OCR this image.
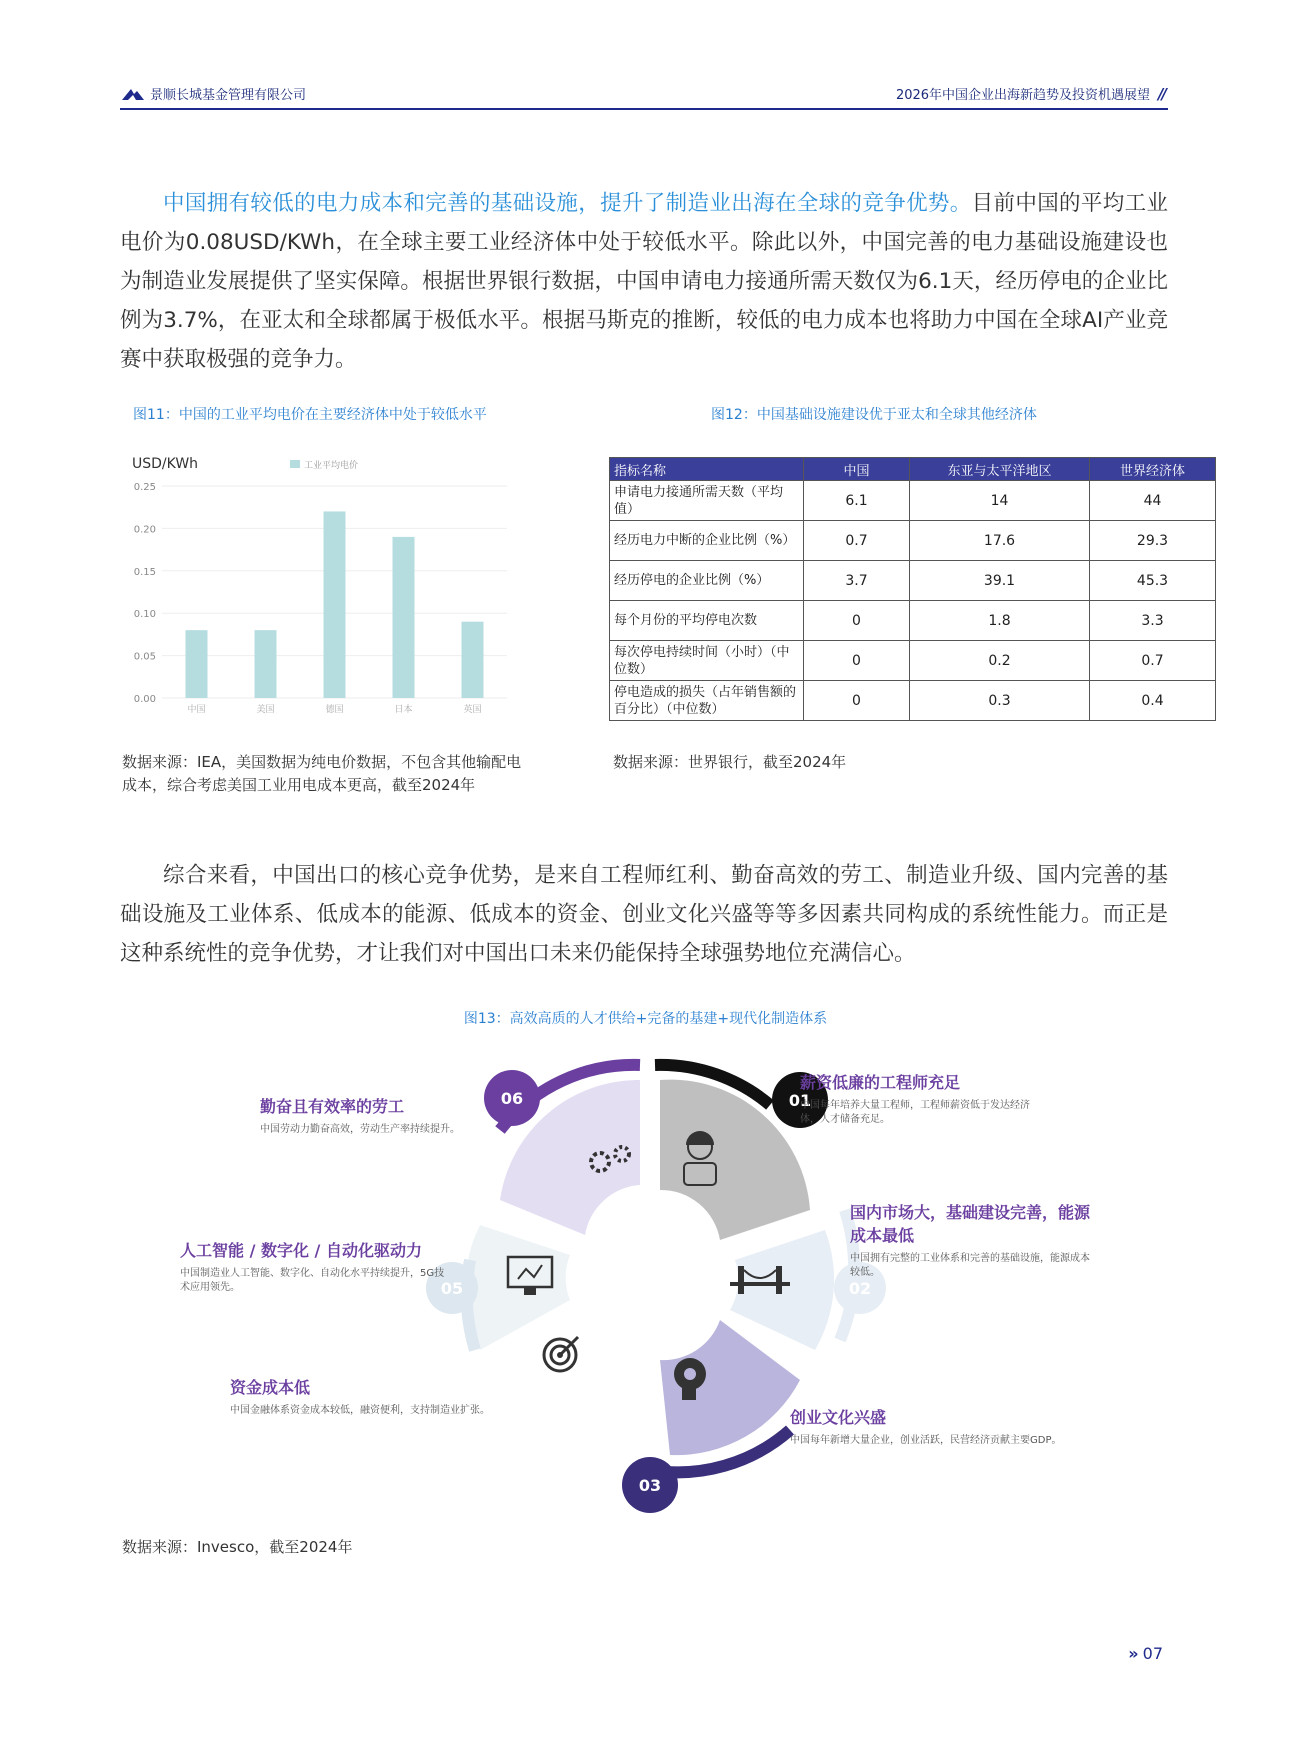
景顺长城基金管理有限公司	2026年中国企业出海新趋势及投资机遇展望 //

中国拥有较低的电力成本和完善的基础设施，提升了制造业出海在全球的竞争优势。目前中国的平均工业电价为0.08USD/KWh，在全球主要工业经济体中处于较低水平。除此以外，中国完善的电力基础设施建设也为制造业发展提供了坚实保障。根据世界银行数据，中国申请电力接通所需天数仅为6.1天，经历停电的企业比例为3.7%，在亚太和全球都属于极低水平。根据马斯克的推断，较低的电力成本也将助力中国在全球AI产业竞赛中获取极强的竞争力。

图11：中国的工业平均电价在主要经济体中处于较低水平
USD/KWh	工业平均电价
0.00
0.05
0.10
0.15
0.20
0.25
中国	美国	德国	日本	英国
数据来源：IEA，美国数据为纯电价数据，不包含其他输配电
成本，综合考虑美国工业用电成本更高，截至2024年
图12：中国基础设施建设优于亚太和全球其他经济体
指标名称	中国	东亚与太平洋地区	世界经济体
申请电力接通所需天数（平均值）	6.1	14	44
经历电力中断的企业比例（%）	0.7	17.6	29.3
经历停电的企业比例（%）	3.7	39.1	45.3
每个月份的平均停电次数	0	1.8	3.3
每次停电持续时间（小时）（中位数）	0	0.2	0.7
停电造成的损失（占年销售额的百分比）（中位数）	0	0.3	0.4
数据来源：世界银行，截至2024年

综合来看，中国出口的核心竞争优势，是来自工程师红利、勤奋高效的劳工、制造业升级、国内完善的基础设施及工业体系、低成本的能源、低成本的资金、创业文化兴盛等等多因素共同构成的系统性能力。而正是这种系统性的竞争优势，才让我们对中国出口未来仍能保持全球强势地位充满信心。

图13：高效高质的人才供给+完备的基建+现代化制造体系
01
02
03
05
06
薪资低廉的工程师充足
中国每年培养大量工程师，工程师薪资低于发达经济体，人才储备充足。
国内市场大，基础建设完善，能源成本最低
中国拥有完整的工业体系和完善的基础设施，能源成本较低。
创业文化兴盛
中国每年新增大量企业，创业活跃，民营经济贡献主要GDP。
资金成本低
中国金融体系资金成本较低，融资便利，支持制造业扩张。
人工智能 / 数字化 / 自动化驱动力
中国制造业人工智能、数字化、自动化水平持续提升，5G技术应用领先。
勤奋且有效率的劳工
中国劳动力勤奋高效，劳动生产率持续提升。
数据来源：Invesco，截至2024年
» 07
